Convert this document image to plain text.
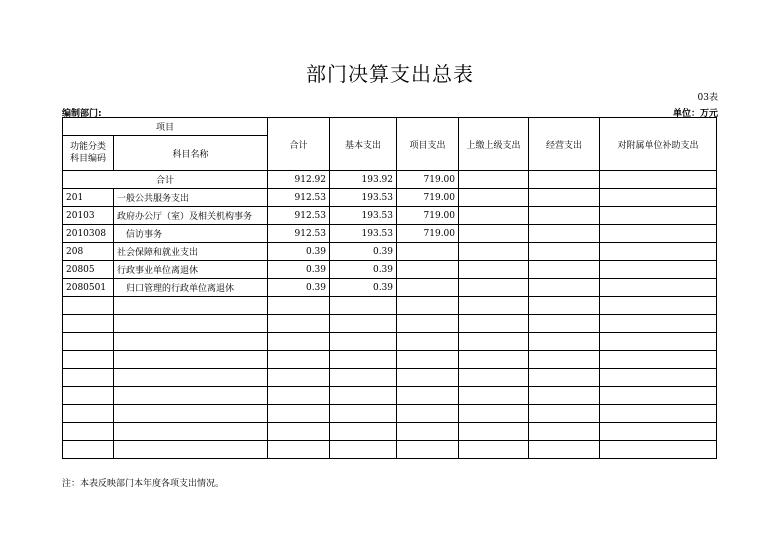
部门决算支出总表
03表
编制部门:	单位：万元
项目		合计	基本支出	项目支出	上缴上级支出	经营支出	对附属单位补助支出
功能分类科目编码	科目名称						
合计		912.92	193.92	719.00			
201	一般公共服务支出	912.53	193.53	719.00			
20103	政府办公厅（室）及相关机构事务	912.53	193.53	719.00			
2010308	信访事务	912.53	193.53	719.00			
208	社会保障和就业支出	0.39	0.39				
20805	行政事业单位离退休	0.39	0.39				
2080501	归口管理的行政单位离退休	0.39	0.39				

注：本表反映部门本年度各项支出情况。
